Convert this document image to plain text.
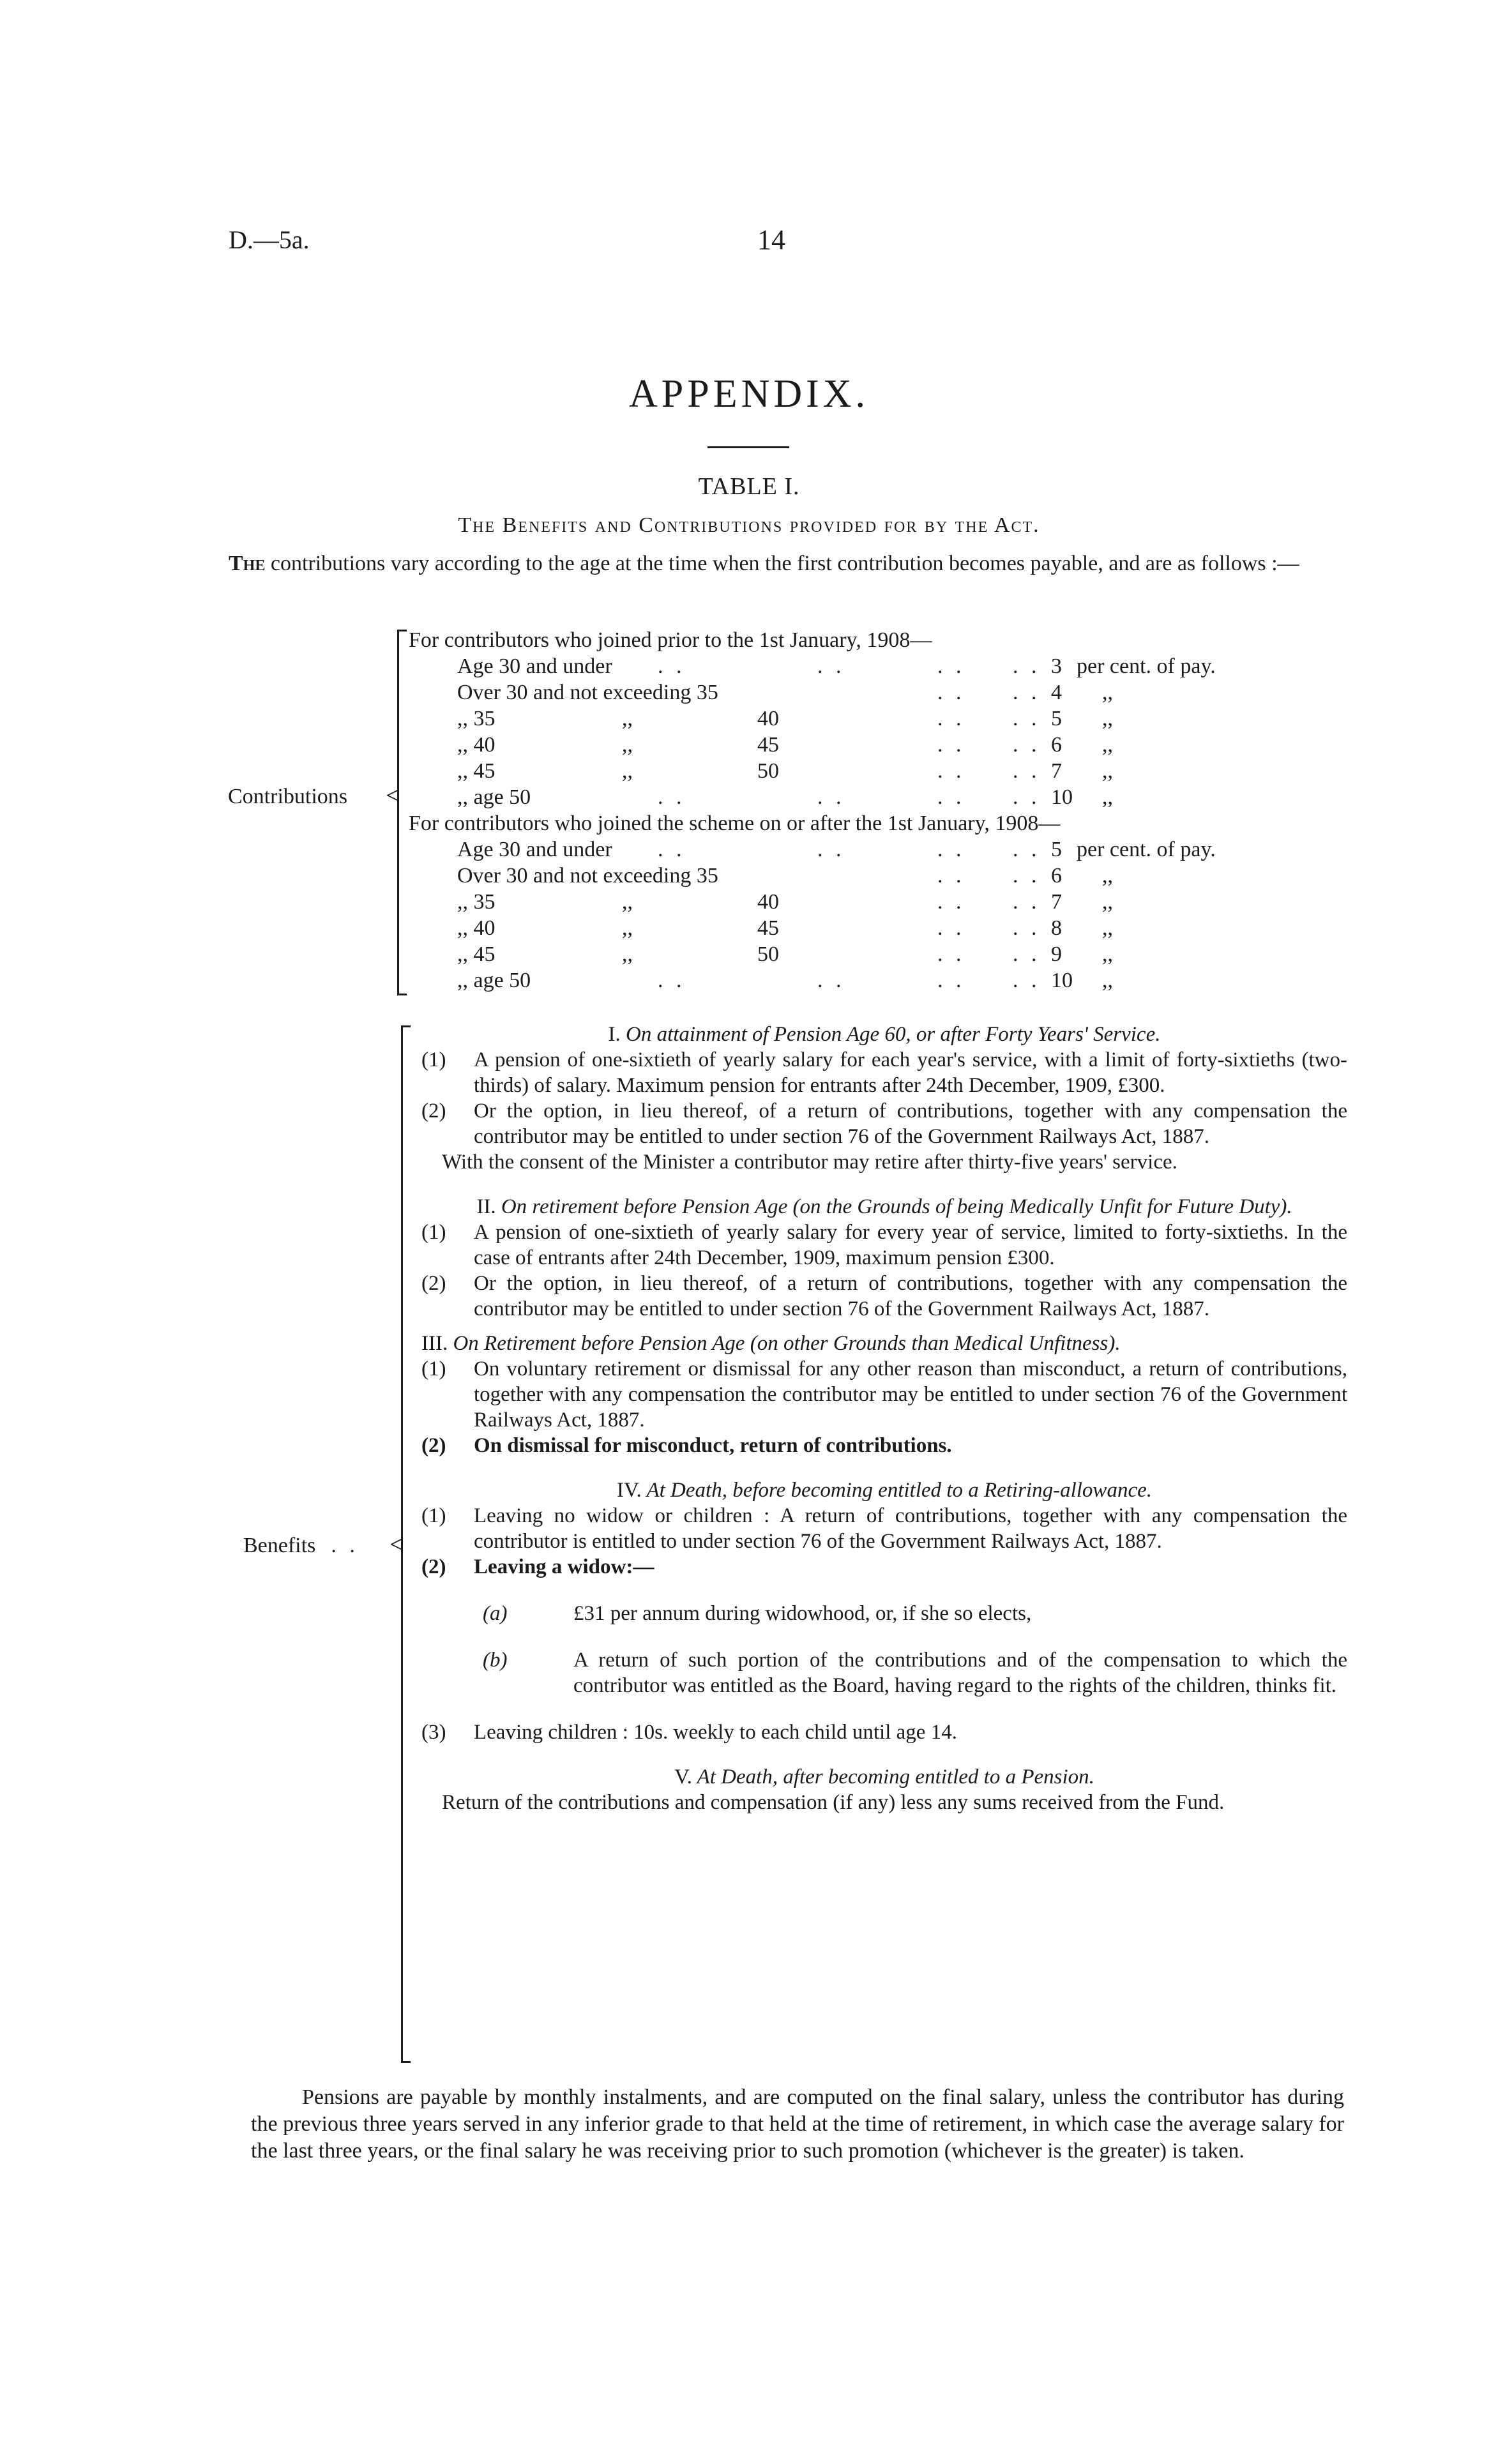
D.—5a.	14
APPENDIX.
TABLE I.
The Benefits and Contributions provided for by the Act.
The contributions vary according to the age at the time when the first contribution becomes payable, and are as follows :—
Contributions <
For contributors who joined prior to the 1st January, 1908—
Age 30 and under . .	. .	. . . . 3 per cent. of pay.
Over 30 and not exceeding 35	. . . . 4 ,,
,, 35	,,	40	. . . . 5 ,,
,, 40	,,	45	. . . . 6 ,,
,, 45	,,	50	. . . . 7 ,,
,, age 50	. .	. .	. . . . 10 ,,
For contributors who joined the scheme on or after the 1st January, 1908—
Age 30 and under . .	. .	. . . . 5 per cent. of pay.
Over 30 and not exceeding 35	. . . . 6 ,,
,, 35	,,	40	. . . . 7 ,,
,, 40	,,	45	. . . . 8 ,,
,, 45	,,	50	. . . . 9 ,,
,, age 50	. .	. .	. . . . 10 ,,
Benefits . . <

I. On attainment of Pension Age 60, or after Forty Years' Service.

(1) A pension of one-sixtieth of yearly salary for each year's service, with a limit of forty-sixtieths (two-thirds) of salary. Maximum pension for entrants after 24th December, 1909, £300.

(2) Or the option, in lieu thereof, of a return of contributions, together with any compensation the contributor may be entitled to under section 76 of the Government Railways Act, 1887.

With the consent of the Minister a contributor may retire after thirty-five years' service.

II. On retirement before Pension Age (on the Grounds of being Medically Unfit for Future Duty).

(1) A pension of one-sixtieth of yearly salary for every year of service, limited to forty-sixtieths. In the case of entrants after 24th December, 1909, maximum pension £300.

(2) Or the option, in lieu thereof, of a return of contributions, together with any compensation the contributor may be entitled to under section 76 of the Government Railways Act, 1887.

III. On Retirement before Pension Age (on other Grounds than Medical Unfitness).

(1) On voluntary retirement or dismissal for any other reason than misconduct, a return of contributions, together with any compensation the contributor may be entitled to under section 76 of the Government Railways Act, 1887.

(2) On dismissal for misconduct, return of contributions.

IV. At Death, before becoming entitled to a Retiring-allowance.

(1) Leaving no widow or children : A return of contributions, together with any compensation the contributor is entitled to under section 76 of the Government Railways Act, 1887.

(2) Leaving a widow:—

(a)	£31 per annum during widowhood, or, if she so elects,

(b)	A return of such portion of the contributions and of the compensation to which the contributor was entitled as the Board, having regard to the rights of the children, thinks fit.

(3) Leaving children : 10s. weekly to each child until age 14.

V. At Death, after becoming entitled to a Pension.

Return of the contributions and compensation (if any) less any sums received from the Fund.

Pensions are payable by monthly instalments, and are computed on the final salary, unless the contributor has during the previous three years served in any inferior grade to that held at the time of retirement, in which case the average salary for the last three years, or the final salary he was receiving prior to such promotion (whichever is the greater) is taken.
